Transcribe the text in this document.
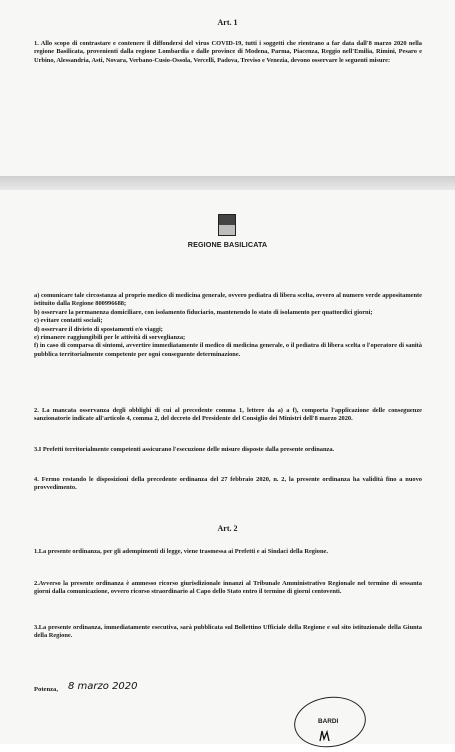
Art. 1

1. Allo scopo di contrastare e contenere il diffondersi del virus COVID-19, tutti i soggetti che rientrano a far data dall'8 marzo 2020 nella regione Basilicata, provenienti dalla regione Lombardia e dalle province di Modena, Parma, Piacenza, Reggio nell'Emilia, Rimini, Pesaro e Urbino, Alessandria, Asti, Novara, Verbano-Cusio-Ossola, Vercelli, Padova, Treviso e Venezia, devono osservare le seguenti misure:

REGIONE BASILICATA
a) comunicare tale circostanza al proprio medico di medicina generale, ovvero pediatra di libera scelta, ovvero al numero verde appositamente istituito dalla Regione 800996688;
b) osservare la permanenza domiciliare, con isolamento fiduciario, mantenendo lo stato di isolamento per quattordici giorni;
c) evitare contatti sociali;
d) osservare il divieto di spostamenti e/o viaggi;
e) rimanere raggiungibili per le attività di sorveglianza;
f) in caso di comparsa di sintomi, avvertire immediatamente il medico di medicina generale, o il pediatra di libera scelta o l'operatore di sanità pubblica territorialmente competente per ogni conseguente determinazione.

2. La mancata osservanza degli obblighi di cui al precedente comma 1, lettere da a) a f), comporta l'applicazione delle conseguenze sanzionatorie indicate all'articolo 4, comma 2, del decreto del Presidente del Consiglio dei Ministri dell'8 marzo 2020.

3.I Prefetti territorialmente competenti assicurano l'esecuzione delle misure disposte dalla presente ordinanza.

4. Fermo restando le disposizioni della precedente ordinanza del 27 febbraio 2020, n. 2, la presente ordinanza ha validità fino a nuovo provvedimento.

Art. 2

1.La presente ordinanza, per gli adempimenti di legge, viene trasmessa ai Prefetti e ai Sindaci della Regione.

2.Avverso la presente ordinanza è ammesso ricorso giurisdizionale innanzi al Tribunale Amministrativo Regionale nel termine di sessanta giorni dalla comunicazione, ovvero ricorso straordinario al Capo dello Stato entro il termine di giorni centoventi.

3.La presente ordinanza, immediatamente esecutiva, sarà pubblicata sul Bollettino Ufficiale della Regione e sul sito istituzionale della Giunta della Regione.

Potenza, 8 marzo 2020
BARDI
